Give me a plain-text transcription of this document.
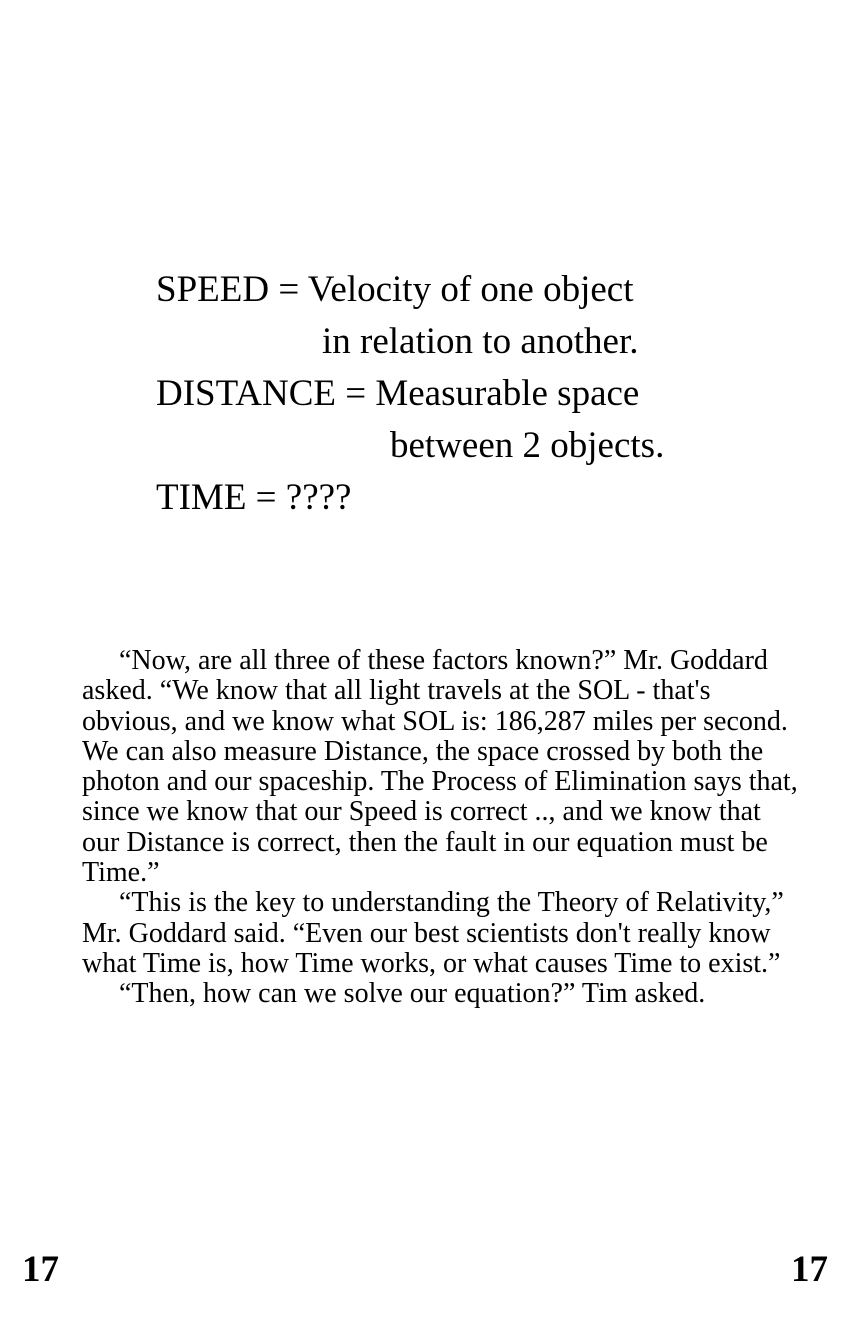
SPEED = Velocity of one object
in relation to another.
DISTANCE = Measurable space
between 2 objects.
TIME = ????

“Now, are all three of these factors known?” Mr. Goddard asked. “We know that all light travels at the SOL - that's obvious, and we know what SOL is: 186,287 miles per second. We can also measure Distance, the space crossed by both the photon and our spaceship. The Process of Elimination says that, since we know that our Speed is correct .., and we know that our Distance is correct, then the fault in our equation must be Time.”

“This is the key to understanding the Theory of Relativity,” Mr. Goddard said. “Even our best scientists don't really know what Time is, how Time works, or what causes Time to exist.”

“Then, how can we solve our equation?” Tim asked.

17	17
